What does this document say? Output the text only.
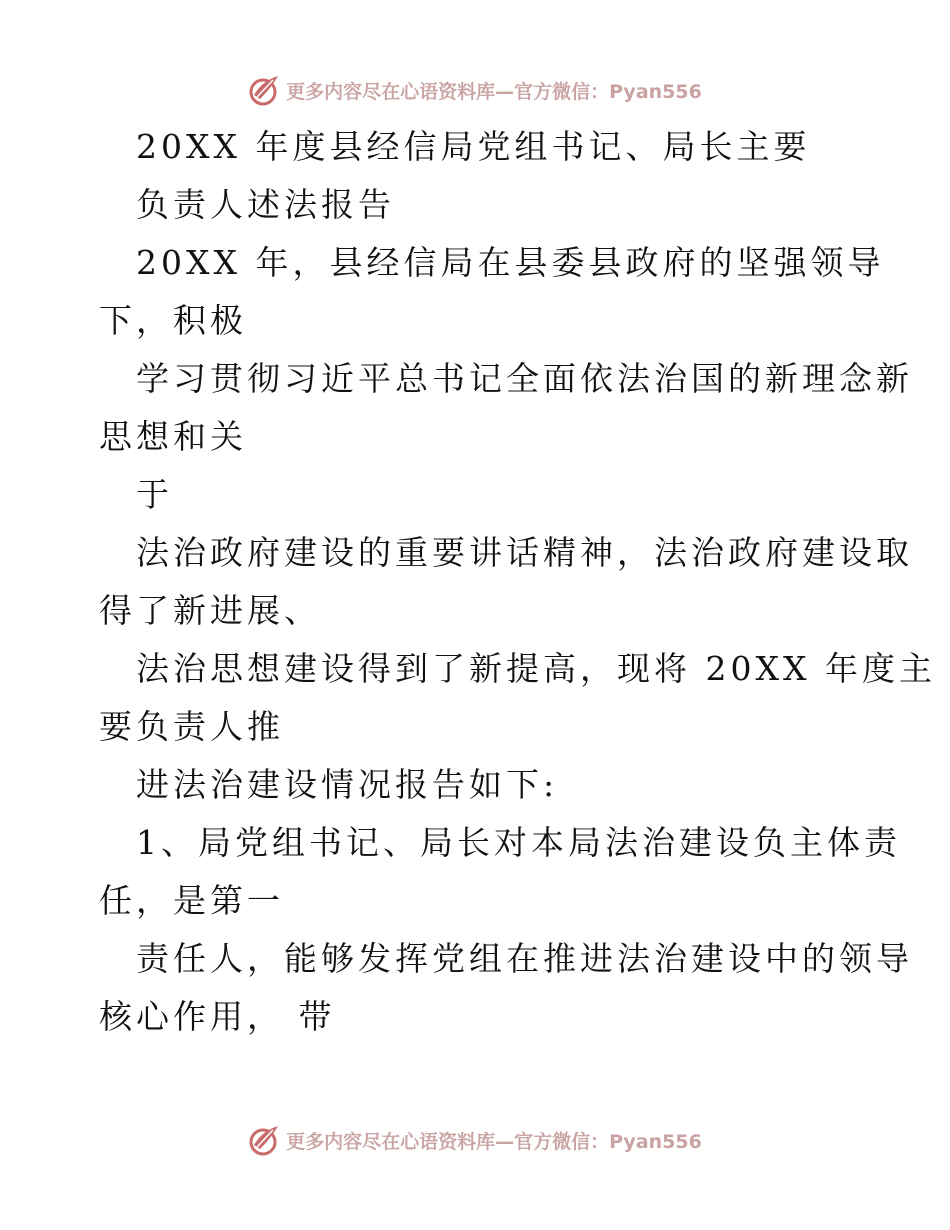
更多内容尽在心语资料库—官方微信：Pyan556
20XX 年度县经信局党组书记、局长主要
负责人述法报告
20XX 年，县经信局在县委县政府的坚强领导
下，积极
学习贯彻习近平总书记全面依法治国的新理念新
思想和关
于
法治政府建设的重要讲话精神，法治政府建设取
得了新进展、
法治思想建设得到了新提高，现将 20XX 年度主
要负责人推
进法治建设情况报告如下:
1、局党组书记、局长对本局法治建设负主体责
任，是第一
责任人，能够发挥党组在推进法治建设中的领导
核心作用， 带
更多内容尽在心语资料库—官方微信：Pyan556
